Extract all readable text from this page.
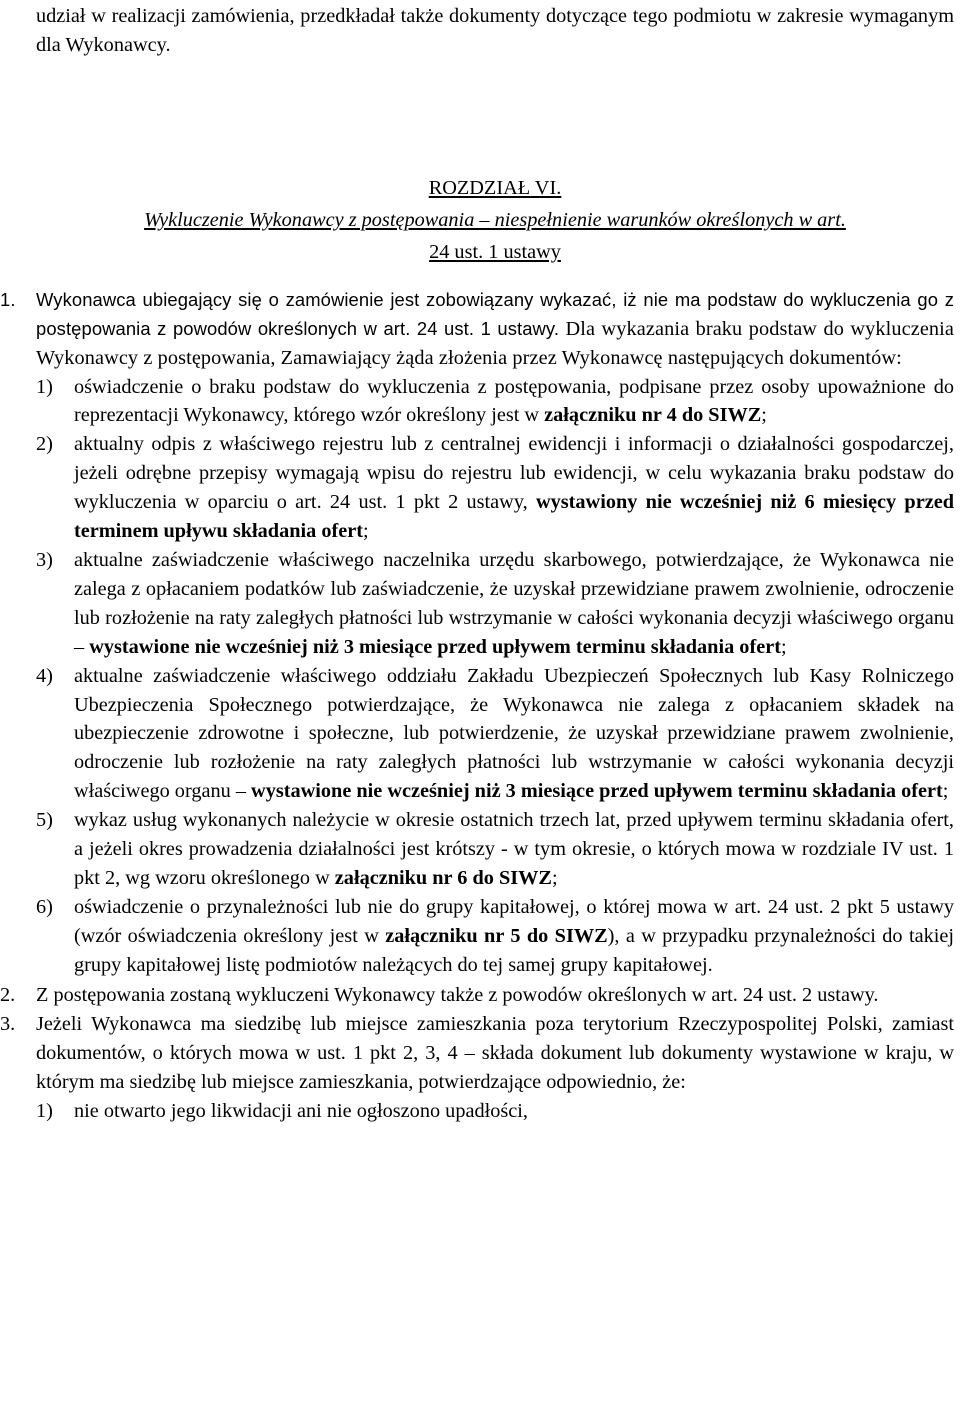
udział w realizacji zamówienia, przedkładał także dokumenty dotyczące tego podmiotu w zakresie wymaganym dla Wykonawcy.

ROZDZIAŁ VI.
Wykluczenie Wykonawcy z postępowania – niespełnienie warunków określonych w art.
24 ust. 1 ustawy
1. Wykonawca ubiegający się o zamówienie jest zobowiązany wykazać, iż nie ma podstaw do wykluczenia go z postępowania z powodów określonych w art. 24 ust. 1 ustawy. Dla wykazania braku podstaw do wykluczenia Wykonawcy z postępowania, Zamawiający żąda złożenia przez Wykonawcę następujących dokumentów:

1) oświadczenie o braku podstaw do wykluczenia z postępowania, podpisane przez osoby upoważnione do reprezentacji Wykonawcy, którego wzór określony jest w załączniku nr 4 do SIWZ;

2) aktualny odpis z właściwego rejestru lub z centralnej ewidencji i informacji o działalności gospodarczej, jeżeli odrębne przepisy wymagają wpisu do rejestru lub ewidencji, w celu wykazania braku podstaw do wykluczenia w oparciu o art. 24 ust. 1 pkt 2 ustawy, wystawiony nie wcześniej niż 6 miesięcy przed terminem upływu składania ofert;

3) aktualne zaświadczenie właściwego naczelnika urzędu skarbowego, potwierdzające, że Wykonawca nie zalega z opłacaniem podatków lub zaświadczenie, że uzyskał przewidziane prawem zwolnienie, odroczenie lub rozłożenie na raty zaległych płatności lub wstrzymanie w całości wykonania decyzji właściwego organu – wystawione nie wcześniej niż 3 miesiące przed upływem terminu składania ofert;

4) aktualne zaświadczenie właściwego oddziału Zakładu Ubezpieczeń Społecznych lub Kasy Rolniczego Ubezpieczenia Społecznego potwierdzające, że Wykonawca nie zalega z opłacaniem składek na ubezpieczenie zdrowotne i społeczne, lub potwierdzenie, że uzyskał przewidziane prawem zwolnienie, odroczenie lub rozłożenie na raty zaległych płatności lub wstrzymanie w całości wykonania decyzji właściwego organu – wystawione nie wcześniej niż 3 miesiące przed upływem terminu składania ofert;

5) wykaz usług wykonanych należycie w okresie ostatnich trzech lat, przed upływem terminu składania ofert, a jeżeli okres prowadzenia działalności jest krótszy - w tym okresie, o których mowa w rozdziale IV ust. 1 pkt 2, wg wzoru określonego w załączniku nr 6 do SIWZ;

6) oświadczenie o przynależności lub nie do grupy kapitałowej, o której mowa w art. 24 ust. 2 pkt 5 ustawy (wzór oświadczenia określony jest w załączniku nr 5 do SIWZ), a w przypadku przynależności do takiej grupy kapitałowej listę podmiotów należących do tej samej grupy kapitałowej.

2. Z postępowania zostaną wykluczeni Wykonawcy także z powodów określonych w art. 24 ust. 2 ustawy.

3. Jeżeli Wykonawca ma siedzibę lub miejsce zamieszkania poza terytorium Rzeczypospolitej Polski, zamiast dokumentów, o których mowa w ust. 1 pkt 2, 3, 4 – składa dokument lub dokumenty wystawione w kraju, w którym ma siedzibę lub miejsce zamieszkania, potwierdzające odpowiednio, że:

1) nie otwarto jego likwidacji ani nie ogłoszono upadłości,
